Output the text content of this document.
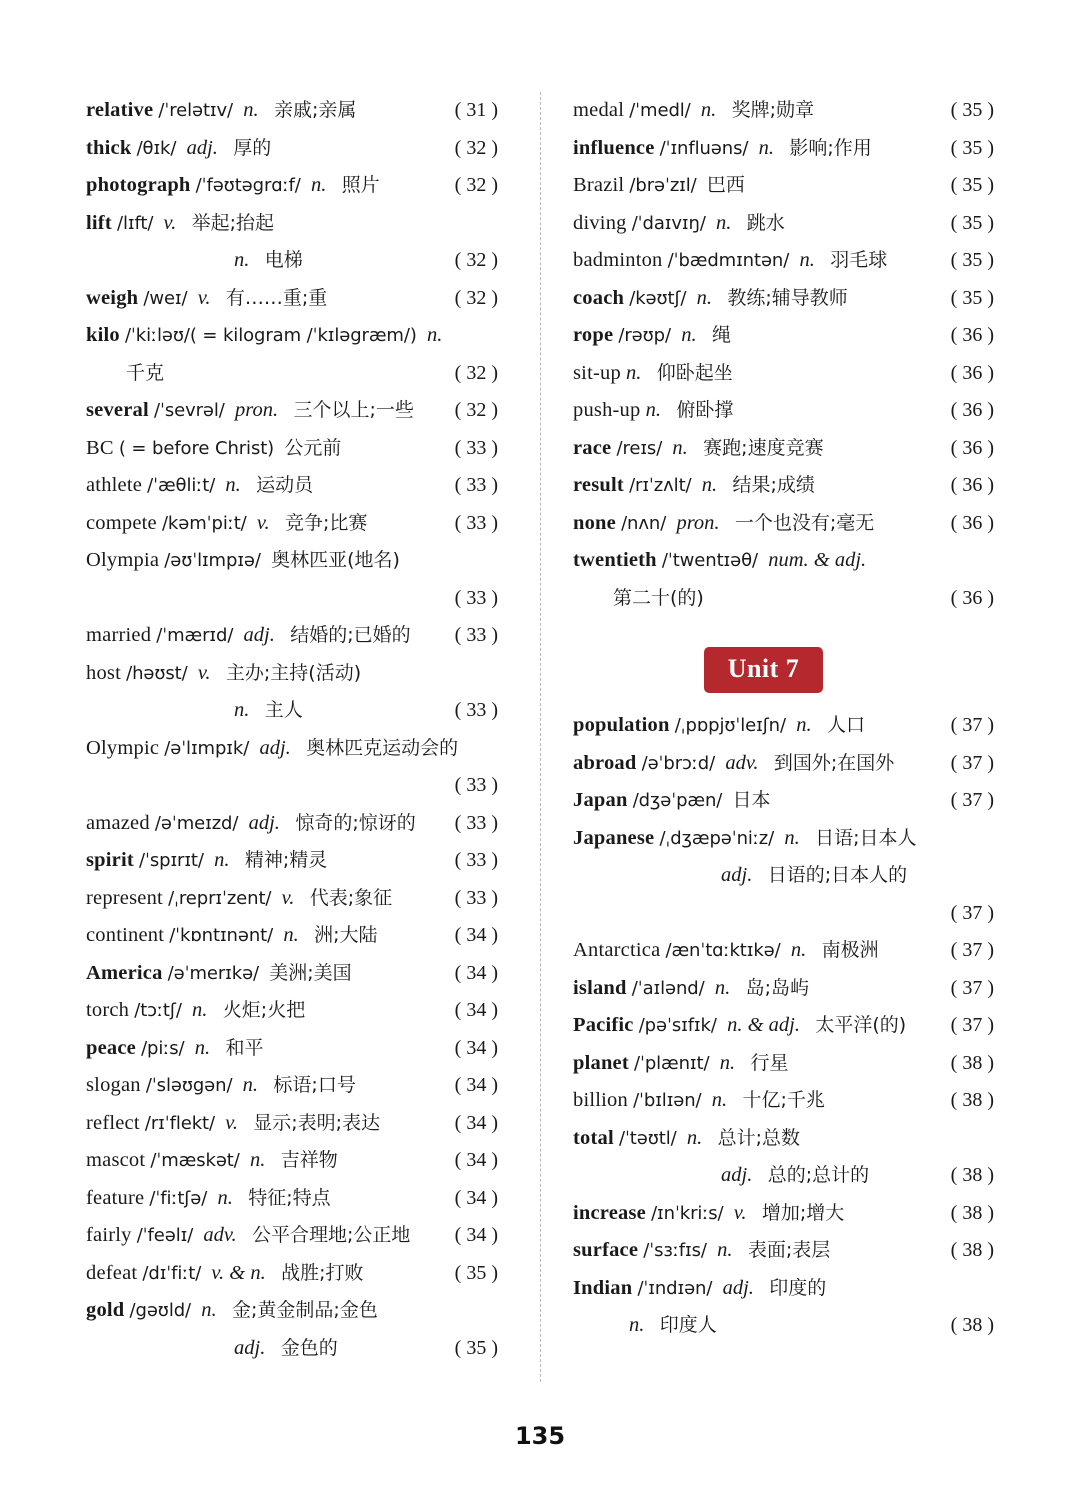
relative /ˈrelətɪv/ n. 亲戚;亲属	( 31 )
thick /θɪk/ adj. 厚的	( 32 )
photograph /ˈfəʊtəgrɑːf/ n. 照片	( 32 )
lift /lɪft/ v. 举起;抬起
n. 电梯	( 32 )
weigh /weɪ/ v. 有……重;重	( 32 )
kilo /ˈkiːləʊ/( = kilogram /ˈkɪləgræm/) n.
千克	( 32 )
several /ˈsevrəl/ pron. 三个以上;一些	( 32 )
BC ( = before Christ) 公元前	( 33 )
athlete /ˈæθliːt/ n. 运动员	( 33 )
compete /kəmˈpiːt/ v. 竞争;比赛	( 33 )
Olympia /əʊˈlɪmpɪə/ 奥林匹亚(地名)
( 33 )
married /ˈmærɪd/ adj. 结婚的;已婚的	( 33 )
host /həʊst/ v. 主办;主持(活动)
n. 主人	( 33 )
Olympic /əˈlɪmpɪk/ adj. 奥林匹克运动会的
( 33 )
amazed /əˈmeɪzd/ adj. 惊奇的;惊讶的	( 33 )
spirit /ˈspɪrɪt/ n. 精神;精灵	( 33 )
represent /ˌreprɪˈzent/ v. 代表;象征	( 33 )
continent /ˈkɒntɪnənt/ n. 洲;大陆	( 34 )
America /əˈmerɪkə/ 美洲;美国	( 34 )
torch /tɔːtʃ/ n. 火炬;火把	( 34 )
peace /piːs/ n. 和平	( 34 )
slogan /ˈsləʊgən/ n. 标语;口号	( 34 )
reflect /rɪˈflekt/ v. 显示;表明;表达	( 34 )
mascot /ˈmæskət/ n. 吉祥物	( 34 )
feature /ˈfiːtʃə/ n. 特征;特点	( 34 )
fairly /ˈfeəlɪ/ adv. 公平合理地;公正地	( 34 )
defeat /dɪˈfiːt/ v. & n. 战胜;打败	( 35 )
gold /gəʊld/ n. 金;黄金制品;金色
adj. 金色的	( 35 )
medal /ˈmedl/ n. 奖牌;勋章	( 35 )
influence /ˈɪnfluəns/ n. 影响;作用	( 35 )
Brazil /brəˈzɪl/ 巴西	( 35 )
diving /ˈdaɪvɪŋ/ n. 跳水	( 35 )
badminton /ˈbædmɪntən/ n. 羽毛球	( 35 )
coach /kəʊtʃ/ n. 教练;辅导教师	( 35 )
rope /rəʊp/ n. 绳	( 36 )
sit-up n. 仰卧起坐	( 36 )
push-up n. 俯卧撑	( 36 )
race /reɪs/ n. 赛跑;速度竞赛	( 36 )
result /rɪˈzʌlt/ n. 结果;成绩	( 36 )
none /nʌn/ pron. 一个也没有;毫无	( 36 )
twentieth /ˈtwentɪəθ/ num. & adj.
第二十(的)	( 36 )
Unit 7
population /ˌpɒpjʊˈleɪʃn/ n. 人口	( 37 )
abroad /əˈbrɔːd/ adv. 到国外;在国外	( 37 )
Japan /dʒəˈpæn/ 日本	( 37 )
Japanese /ˌdʒæpəˈniːz/ n. 日语;日本人
adj. 日语的;日本人的
( 37 )
Antarctica /ænˈtɑːktɪkə/ n. 南极洲	( 37 )
island /ˈaɪlənd/ n. 岛;岛屿	( 37 )
Pacific /pəˈsɪfɪk/ n. & adj. 太平洋(的)	( 37 )
planet /ˈplænɪt/ n. 行星	( 38 )
billion /ˈbɪlɪən/ n. 十亿;千兆	( 38 )
total /ˈtəʊtl/ n. 总计;总数
adj. 总的;总计的	( 38 )
increase /ɪnˈkriːs/ v. 增加;增大	( 38 )
surface /ˈsɜːfɪs/ n. 表面;表层	( 38 )
Indian /ˈɪndɪən/ adj. 印度的
n. 印度人	( 38 )
135
